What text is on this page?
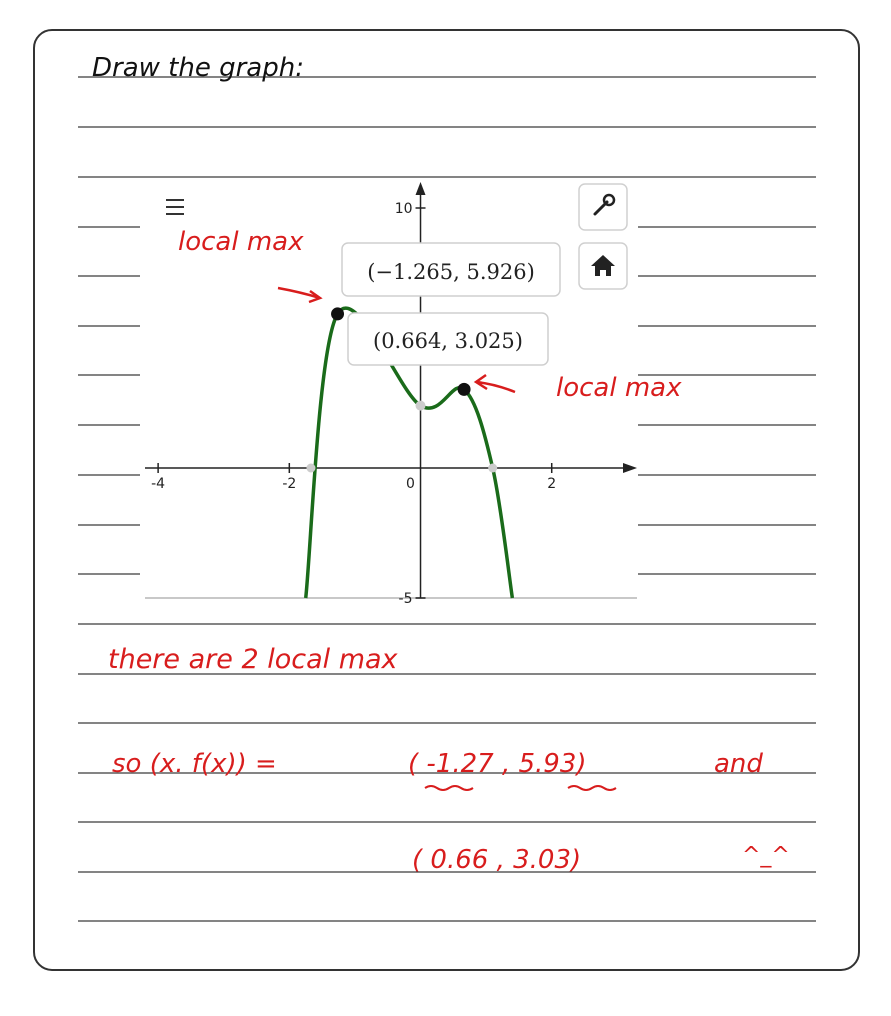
Draw the graph:
-4	-2	0	2
10
-5
(−1.265, 5.926)
(0.664, 3.025)
local max
local max
there are 2 local max
so (x. f(x)) =	( -1.27 , 5.93)	and
( 0.66 , 3.03)	^_^
